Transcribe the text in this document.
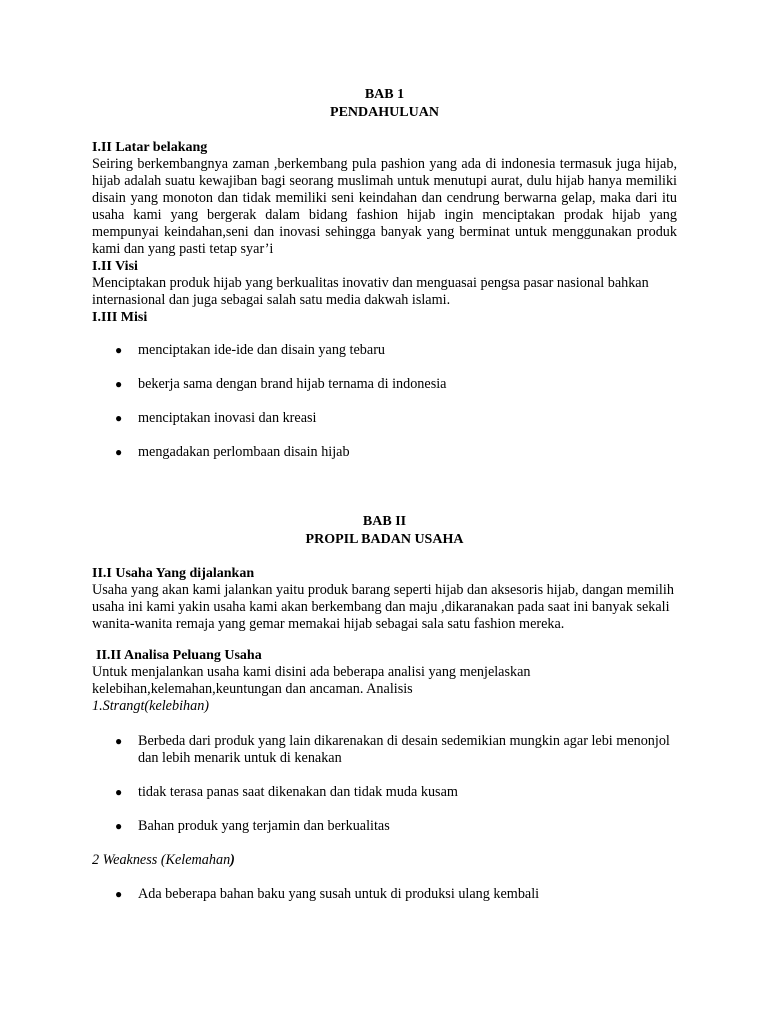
BAB 1
PENDAHULUAN
I.II Latar belakang

Seiring berkembangnya zaman ,berkembang pula pashion yang ada di indonesia termasuk juga hijab, hijab adalah suatu kewajiban bagi seorang muslimah untuk menutupi aurat, dulu hijab hanya memiliki disain yang monoton dan tidak memiliki seni keindahan dan cendrung berwarna gelap, maka dari itu usaha kami yang bergerak dalam bidang fashion hijab ingin menciptakan prodak hijab yang mempunyai keindahan,seni dan inovasi sehingga banyak yang berminat untuk menggunakan produk kami dan yang pasti tetap syar’i

I.II Visi

Menciptakan produk hijab yang berkualitas inovativ dan menguasai pengsa pasar nasional bahkan internasional dan juga sebagai salah satu media dakwah islami.

I.III Misi
● menciptakan ide-ide dan disain yang tebaru
● bekerja sama dengan brand hijab ternama di indonesia
● menciptakan inovasi dan kreasi
● mengadakan perlombaan disain hijab
BAB II
PROPIL BADAN USAHA
II.I Usaha Yang dijalankan

Usaha yang akan kami jalankan yaitu produk barang seperti hijab dan aksesoris hijab, dangan memilih usaha ini kami yakin usaha kami akan berkembang dan maju ,dikaranakan pada saat ini banyak sekali wanita-wanita remaja yang gemar memakai hijab sebagai sala satu fashion mereka.

II.II Analisa Peluang Usaha

Untuk menjalankan usaha kami disini ada beberapa analisi yang menjelaskan kelebihan,kelemahan,keuntungan dan ancaman. Analisis

1.Strangt(kelebihan)
● Berbeda dari produk yang lain dikarenakan di desain sedemikian mungkin agar lebi menonjol dan lebih menarik untuk di kenakan
● tidak terasa panas saat dikenakan dan tidak muda kusam
● Bahan produk yang terjamin dan berkualitas
2 Weakness (Kelemahan)
● Ada beberapa bahan baku yang susah untuk di produksi ulang kembali
